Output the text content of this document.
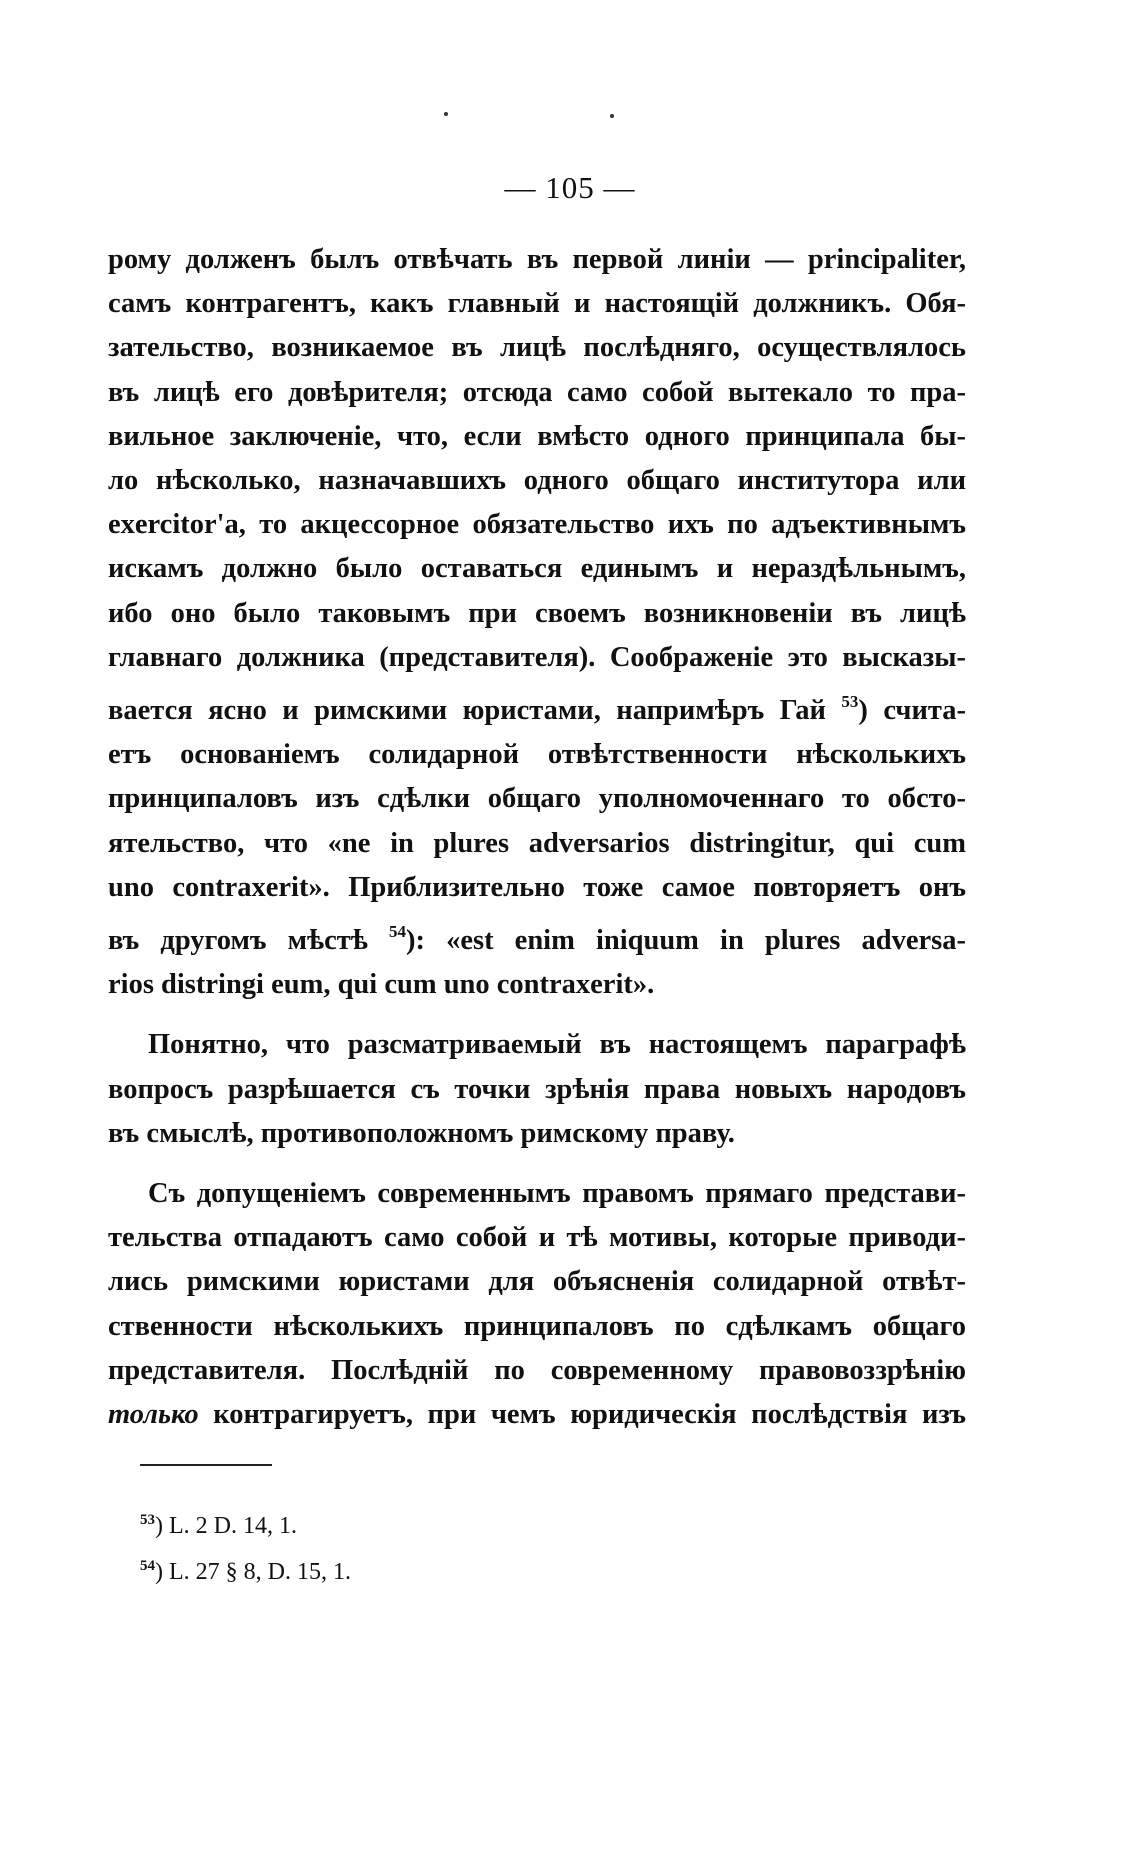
— 105 —
рому долженъ былъ отвѣчать въ первой линіи — principaliter,
самъ контрагентъ, какъ главный и настоящій должникъ. Обя-
зательство, возникаемое въ лицѣ послѣдняго, осуществлялось
въ лицѣ его довѣрителя; отсюда само собой вытекало то пра-
вильное заключеніе, что, если вмѣсто одного принципала бы-
ло нѣсколько, назначавшихъ одного общаго институтора или
exercitor'a, то акцессорное обязательство ихъ по адъективнымъ
искамъ должно было оставаться единымъ и нераздѣльнымъ,
ибо оно было таковымъ при своемъ возникновеніи въ лицѣ
главнаго должника (представителя). Соображеніе это высказы-
вается ясно и римскими юристами, напримѣръ Гай $^{53}$) счита-
етъ основаніемъ солидарной отвѣтственности нѣсколькихъ
принципаловъ изъ сдѣлки общаго уполномоченнаго то обсто-
ятельство, что «ne in plures adversarios distringitur, qui cum
uno contraxerit». Приблизительно тоже самое повторяетъ онъ
въ другомъ мѣстѣ $^{54}$): «est enim iniquum in plures adversa-
rios distringi eum, qui cum uno contraxerit».
Понятно, что разсматриваемый въ настоящемъ параграфѣ
вопросъ разрѣшается съ точки зрѣнія права новыхъ народовъ
въ смыслѣ, противоположномъ римскому праву.
Съ допущеніемъ современнымъ правомъ прямаго представи-
тельства отпадаютъ само собой и тѣ мотивы, которые приводи-
лись римскими юристами для объясненія солидарной отвѣт-
ственности нѣсколькихъ принципаловъ по сдѣлкамъ общаго
представителя. Послѣдній по современному правовоззрѣнію
только контрагируетъ, при чемъ юридическія послѣдствія изъ
$^{53}$) L. 2 D. 14, 1.
$^{54}$) L. 27 § 8, D. 15, 1.
